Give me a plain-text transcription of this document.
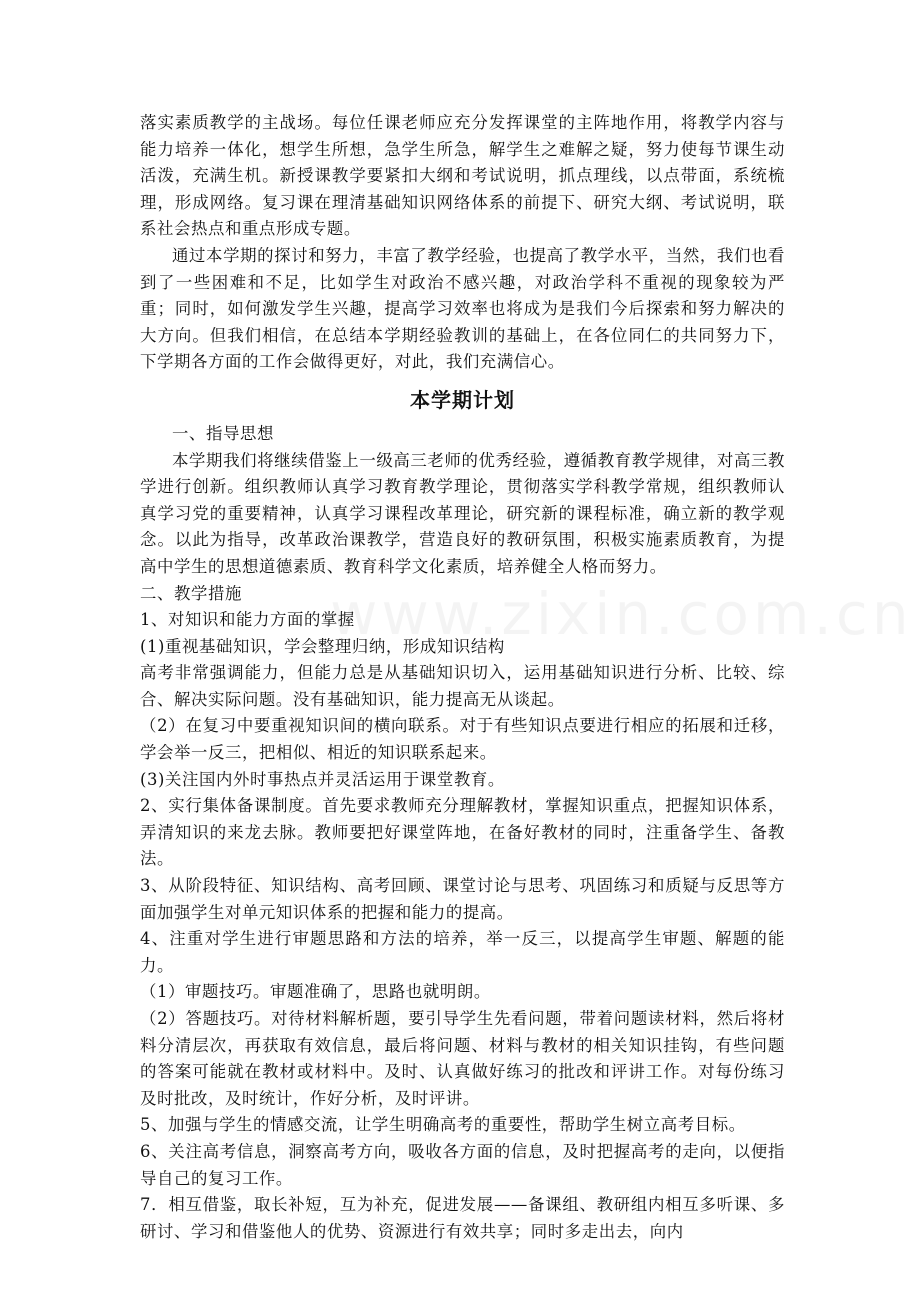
落实素质教学的主战场。每位任课老师应充分发挥课堂的主阵地作用，将教学内容与能力培养一体化，想学生所想，急学生所急，解学生之难解之疑，努力使每节课生动活泼，充满生机。新授课教学要紧扣大纲和考试说明，抓点理线，以点带面，系统梳理，形成网络。复习课在理清基础知识网络体系的前提下、研究大纲、考试说明，联系社会热点和重点形成专题。

通过本学期的探讨和努力，丰富了教学经验，也提高了教学水平，当然，我们也看到了一些困难和不足，比如学生对政治不感兴趣，对政治学科不重视的现象较为严重；同时，如何激发学生兴趣，提高学习效率也将成为是我们今后探索和努力解决的大方向。但我们相信，在总结本学期经验教训的基础上，在各位同仁的共同努力下，下学期各方面的工作会做得更好，对此，我们充满信心。

本学期计划

一、指导思想

本学期我们将继续借鉴上一级高三老师的优秀经验，遵循教育教学规律，对高三教学进行创新。组织教师认真学习教育教学理论，贯彻落实学科教学常规，组织教师认真学习党的重要精神，认真学习课程改革理论，研究新的课程标准，确立新的教学观念。以此为指导，改革政治课教学，营造良好的教研氛围，积极实施素质教育，为提高中学生的思想道德素质、教育科学文化素质，培养健全人格而努力。

二、教学措施

1、对知识和能力方面的掌握

(1)重视基础知识，学会整理归纳，形成知识结构

高考非常强调能力，但能力总是从基础知识切入，运用基础知识进行分析、比较、综合、解决实际问题。没有基础知识，能力提高无从谈起。

（2）在复习中要重视知识间的横向联系。对于有些知识点要进行相应的拓展和迁移，学会举一反三，把相似、相近的知识联系起来。

(3)关注国内外时事热点并灵活运用于课堂教育。

2、实行集体备课制度。首先要求教师充分理解教材，掌握知识重点，把握知识体系，弄清知识的来龙去脉。教师要把好课堂阵地，在备好教材的同时，注重备学生、备教法。

3、从阶段特征、知识结构、高考回顾、课堂讨论与思考、巩固练习和质疑与反思等方面加强学生对单元知识体系的把握和能力的提高。

4、注重对学生进行审题思路和方法的培养，举一反三，以提高学生审题、解题的能力。

（1）审题技巧。审题准确了，思路也就明朗。

（2）答题技巧。对待材料解析题，要引导学生先看问题，带着问题读材料，然后将材料分清层次，再获取有效信息，最后将问题、材料与教材的相关知识挂钩，有些问题的答案可能就在教材或材料中。及时、认真做好练习的批改和评讲工作。对每份练习及时批改，及时统计，作好分析，及时评讲。

5、加强与学生的情感交流，让学生明确高考的重要性，帮助学生树立高考目标。

6、关注高考信息，洞察高考方向，吸收各方面的信息，及时把握高考的走向，以便指导自己的复习工作。

7．相互借鉴，取长补短，互为补充，促进发展——备课组、教研组内相互多听课、多研讨、学习和借鉴他人的优势、资源进行有效共享；同时多走出去，向内
